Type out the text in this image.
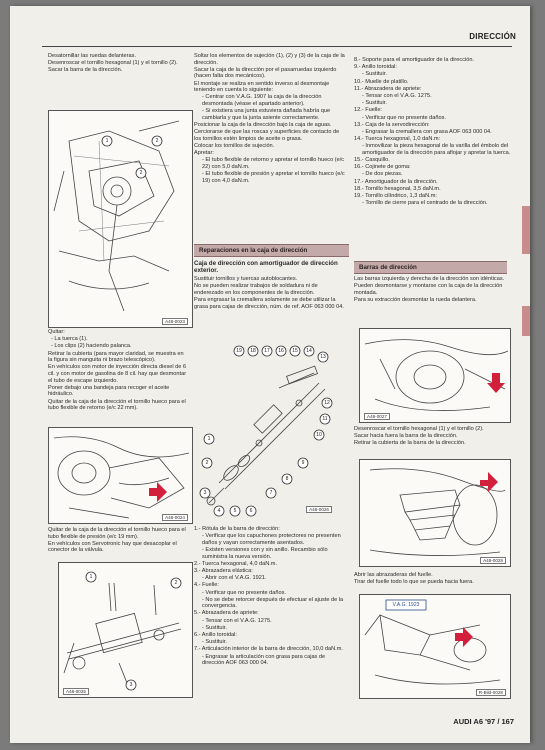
DIRECCIÓN

Desatornillar las ruedas delanteras.

Desenroscar el tornillo hexagonal (1) y el tornillo (2).

Sacar la barra de la dirección.

1	2
2
A48-0023

Quitar:

- La tuerca (1).

- Los clips (2) haciendo palanca.

Retirar la cubierta (para mayor claridad, se muestra en la figura sin manguita ni brazo telescópico).

En vehículos con motor de inyección directa diesel de 6 cil. y con motor de gasolina de 8 cil. hay que desmontar el tubo de escape izquierdo.

Poner debajo una bandeja para recoger el aceite hidráulico.

Quitar de la caja de la dirección el tornillo hueco para el tubo flexible de retorno (e/c 22 mm).

A48-0024

Quitar de la caja de la dirección el tornillo hueco para el tubo flexible de presión (e/c 19 mm).

En vehículos con Servotronic hay que desacoplar el conector de la válvula.

1
2
3
A48-0025

Soltar los elementos de sujeción (1), (2) y (3) de la caja de la dirección.

Sacar la caja de la dirección por el pasarruedas izquierdo (hacen falta dos mecánicos).

El montaje se realiza en sentido inverso al desmontaje teniendo en cuenta lo siguiente:

- Centrar con V.A.G. 1907 la caja de la dirección desmontada (véase el apartado anterior).

- Si existiera una junta estuviera dañada habría que cambiarla y que la junta asiente correctamente.

Posicionar la caja de la dirección bajo la caja de aguas.

Cerciorarse de que las roscas y superficies de contacto de los tornillos estén limpios de aceite o grasa.

Colocar los tornillos de sujeción.

Apretar:

- El tubo flexible de retorno y apretar el tornillo hueco (e/c 22) con 5,0 daN.m.

- El tubo flexible de presión y apretar el tornillo hueco (e/c 19) con 4,0 daN.m.

Reparaciones en la caja de dirección

Caja de dirección con amortiguador de dirección exterior.

Sustituir tornillos y tuercas autoblocantes.

No se pueden realizar trabajos de soldadura ni de enderezado en los componentes de la dirección.

Para engrasar la cremallera solamente se debe utilizar la grasa para cajas de dirección, núm. de ref. AOF 063 000 04.

19 18 17 16 15 14
13
12
11
10
9
8
7
6
5
4
3
2
1
A48-0026

1.- Rótula de la barra de dirección:

- Verificar que los capuchones protectores no presenten daños y vayan correctamente asentados.

- Existen versiones con y sin anillo. Recambio sólo suministra la nueva versión.

2.- Tuerca hexagonal, 4,0 daN.m.

3.- Abrazadera elástica:

- Abrir con el V.A.G. 1921.

4.- Fuelle:

- Verificar que no presente daños.

- No se debe retorcer después de efectuar el ajuste de la convergencia.

5.- Abrazadera de apriete:

- Tensar con el V.A.G. 1275.

- Sustituir.

6.- Anillo toroidal:

- Sustituir.

7.- Articulación interior de la barra de dirección, 10,0 daN.m.

- Engrasar la articulación con grasa para cajas de dirección AOF 063 000 04.

8.- Soporte para el amortiguador de la dirección.

9.- Anillo toroidal:

- Sustituir.

10.- Muelle de platillo.

11.- Abrazadera de apriete:

- Tensar con el V.A.G. 1275.

- Sustituir.

12.- Fuelle:

- Verificar que no presente daños.

13.- Caja de la servodirección:

- Engrasar la cremallera con grasa AOF 063 000 04.

14.- Tuerca hexagonal, 1,0 daN.m:

- Inmovilizar la pieza hexagonal de la varilla del émbolo del amortiguador de la dirección para aflojar y apretar la tuerca.

15.- Casquillo.

16.- Cojinete de goma:

- De dos piezas.

17.- Amortiguador de la dirección.

18.- Tornillo hexagonal, 3,5 daN.m.

19.- Tornillo cilíndrico, 1,3 daN.m:

- Tornillo de cierre para el centrado de la dirección.

Barras de dirección

Las barras izquierda y derecha de la dirección son idénticas.

Pueden desmontarse y montarse con la caja de la dirección montada.

Para su extracción desmontar la rueda delantera.

A48-0027

Desenroscar el tornillo hexagonal (1) y el tornillo (2).

Sacar hacia fuera la barra de la dirección.

Retirar la cubierta de la barra de la dirección.

A48-0028

Abrir las abrazaderas del fuelle.

Tirar del fuelle todo lo que se pueda hacia fuera.

V.A.G. 1923
R-Bild-0028
AUDI A6 '97 / 167
